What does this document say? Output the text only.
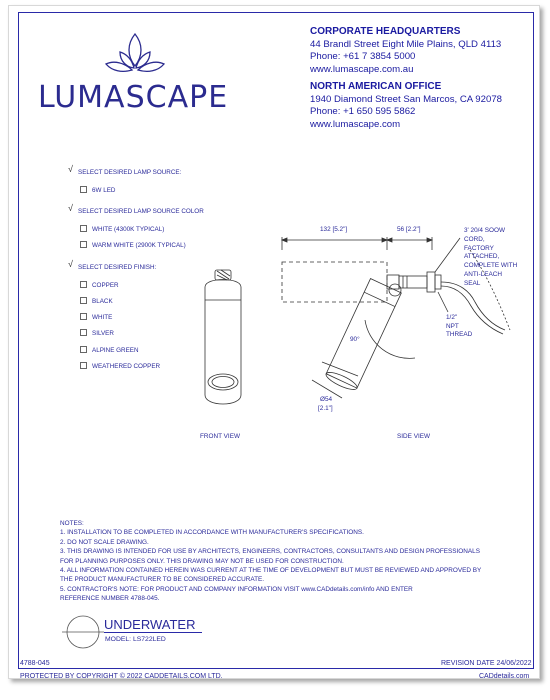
LUMASCAPE
CORPORATE HEADQUARTERS
44 Brandl Street Eight Mile Plains, QLD 4113
Phone: +61 7 3854 5000
www.lumascape.com.au
NORTH AMERICAN OFFICE
1940 Diamond Street San Marcos, CA 92078
Phone: +1 650 595 5862
www.lumascape.com
√ SELECT DESIRED LAMP SOURCE:
6W LED
√ SELECT DESIRED LAMP SOURCE COLOR
WHITE (4300K TYPICAL)
WARM WHITE (2900K TYPICAL)
√ SELECT DESIRED FINISH:
COPPER
BLACK
WHITE
SILVER
ALPINE GREEN
WEATHERED COPPER
FRONT VIEW
132 [5.2"]	56 [2.2"]
90°
Ø54
[2.1"]
3' 20/4 SOOW
CORD,
FACTORY
ATTACHED,
COMPLETE WITH
ANTI-LEACH
SEAL
1/2"
NPT
THREAD
SIDE VIEW
NOTES:
1. INSTALLATION TO BE COMPLETED IN ACCORDANCE WITH MANUFACTURER'S SPECIFICATIONS.
2. DO NOT SCALE DRAWING.
3. THIS DRAWING IS INTENDED FOR USE BY ARCHITECTS, ENGINEERS, CONTRACTORS, CONSULTANTS AND DESIGN PROFESSIONALS
FOR PLANNING PURPOSES ONLY. THIS DRAWING MAY NOT BE USED FOR CONSTRUCTION.
4. ALL INFORMATION CONTAINED HEREIN WAS CURRENT AT THE TIME OF DEVELOPMENT BUT MUST BE REVIEWED AND APPROVED BY
THE PRODUCT MANUFACTURER TO BE CONSIDERED ACCURATE.
5. CONTRACTOR'S NOTE: FOR PRODUCT AND COMPANY INFORMATION VISIT www.CADdetails.com/info AND ENTER
REFERENCE NUMBER 4788-045.
UNDERWATER
MODEL: LS722LED
4788-045	REVISION DATE 24/06/2022
PROTECTED BY COPYRIGHT © 2022 CADDETAILS.COM LTD.	CADdetails.com
